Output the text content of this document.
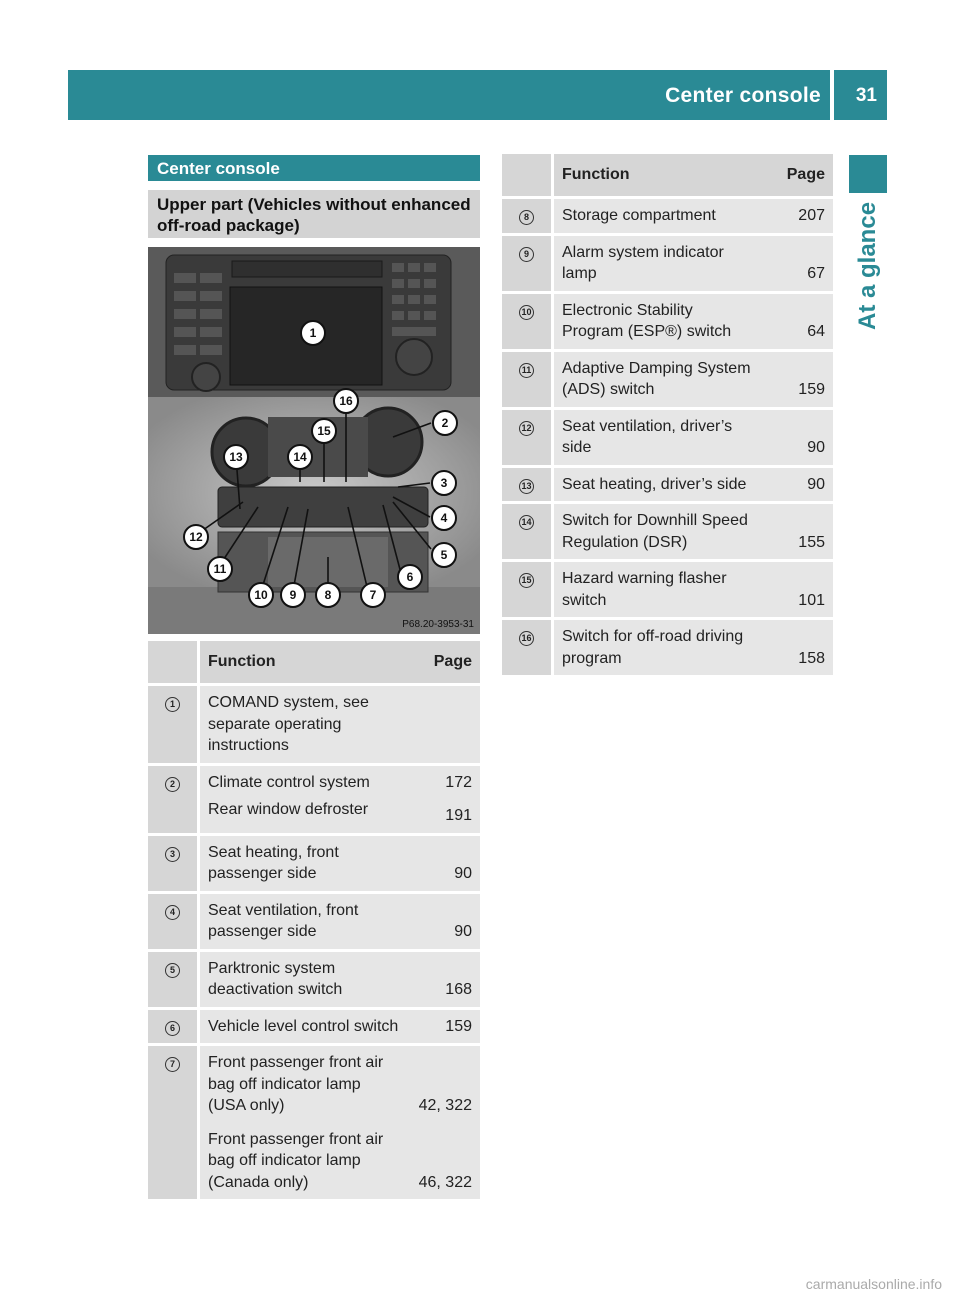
Center console 31
At a glance
Center console
Upper part (Vehicles without enhanced off-road package)
1
16
2
15
13	14
3
4
12
5
11
6
10 9 8	7
P68.20-3953-31
	Function	Page
1	COMAND system, see separate operating instructions	
2	Climate control system	172
	Rear window defroster	191
3	Seat heating, front passenger side	90
4	Seat ventilation, front passenger side	90
5	Parktronic system deactivation switch	168
6	Vehicle level control switch	159
7	Front passenger front air bag off indicator lamp (USA only)	42, 322
	Front passenger front air bag off indicator lamp (Canada only)	46, 322
	Function	Page
8	Storage compartment	207
9	Alarm system indicator lamp	67
10	Electronic Stability Program (ESP®) switch	64
11	Adaptive Damping System (ADS) switch	159
12	Seat ventilation, driver’s side	90
13	Seat heating, driver’s side	90
14	Switch for Downhill Speed Regulation (DSR)	155
15	Hazard warning flasher switch	101
16	Switch for off-road driving program	158
carmanualsonline.info
